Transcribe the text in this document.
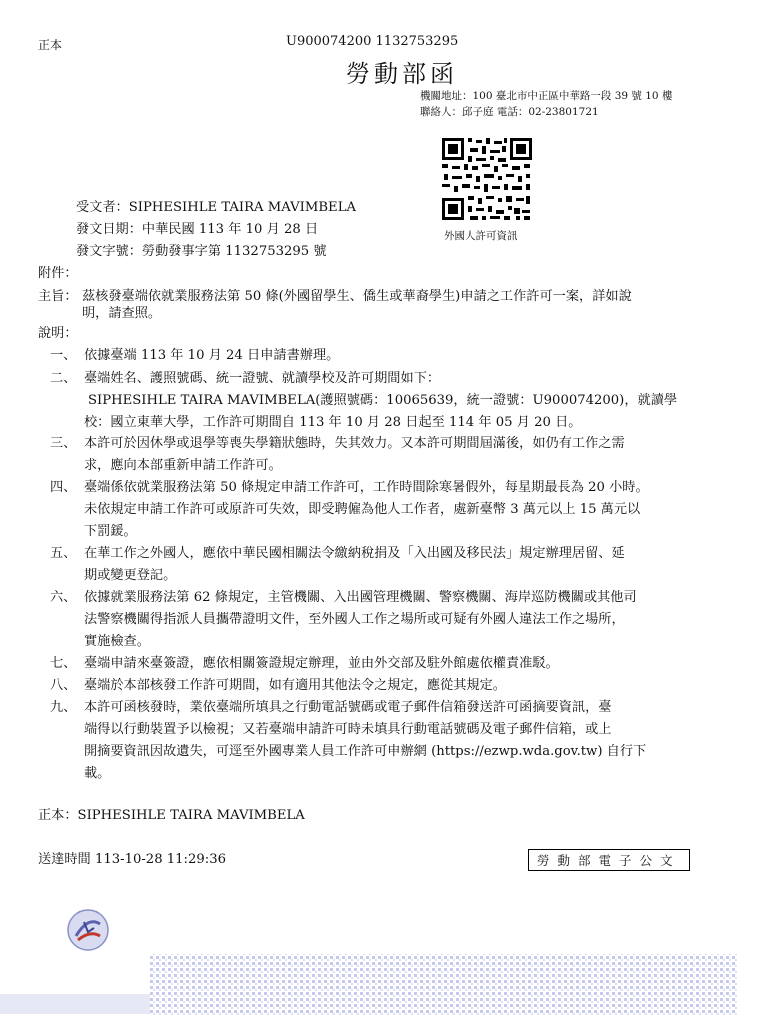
正本	U900074200 1132753295
勞動部函
機關地址：100 臺北市中正區中華路一段 39 號 10 樓
聯絡人：邱子庭 電話：02-23801721
外國人許可資訊
受文者：SIPHESIHLE TAIRA MAVIMBELA
發文日期：中華民國 113 年 10 月 28 日
發文字號：勞動發事字第 1132753295 號
附件：
主旨： 茲核發臺端依就業服務法第 50 條(外國留學生、僑生或華裔學生)申請之工作許可一案，詳如說
明，請查照。
說明：
一、 依據臺端 113 年 10 月 24 日申請書辦理。
二、 臺端姓名、護照號碼、統一證號、就讀學校及許可期間如下：
SIPHESIHLE TAIRA MAVIMBELA(護照號碼：10065639，統一證號：U900074200)，就讀學
校：國立東華大學，工作許可期間自 113 年 10 月 28 日起至 114 年 05 月 20 日。
三、 本許可於因休學或退學等喪失學籍狀態時，失其效力。又本許可期間屆滿後，如仍有工作之需
求，應向本部重新申請工作許可。
四、 臺端係依就業服務法第 50 條規定申請工作許可，工作時間除寒暑假外，每星期最長為 20 小時。
未依規定申請工作許可或原許可失效，即受聘僱為他人工作者，處新臺幣 3 萬元以上 15 萬元以
下罰鍰。
五、 在華工作之外國人，應依中華民國相關法令繳納稅捐及「入出國及移民法」規定辦理居留、延
期或變更登記。
六、 依據就業服務法第 62 條規定，主管機關、入出國管理機關、警察機關、海岸巡防機關或其他司
法警察機關得指派人員攜帶證明文件，至外國人工作之場所或可疑有外國人違法工作之場所，
實施檢查。
七、 臺端申請來臺簽證，應依相關簽證規定辦理，並由外交部及駐外館處依權責准駁。
八、 臺端於本部核發工作許可期間，如有適用其他法令之規定，應從其規定。
九、 本許可函核發時，業依臺端所填具之行動電話號碼或電子郵件信箱發送許可函摘要資訊，臺
端得以行動裝置予以檢視；又若臺端申請許可時未填具行動電話號碼及電子郵件信箱，或上
開摘要資訊因故遺失，可逕至外國專業人員工作許可申辦網 (https://ezwp.wda.gov.tw) 自行下
載。
正本：SIPHESIHLE TAIRA MAVIMBELA
送達時間 113-10-28 11:29:36	勞動部電子公文
